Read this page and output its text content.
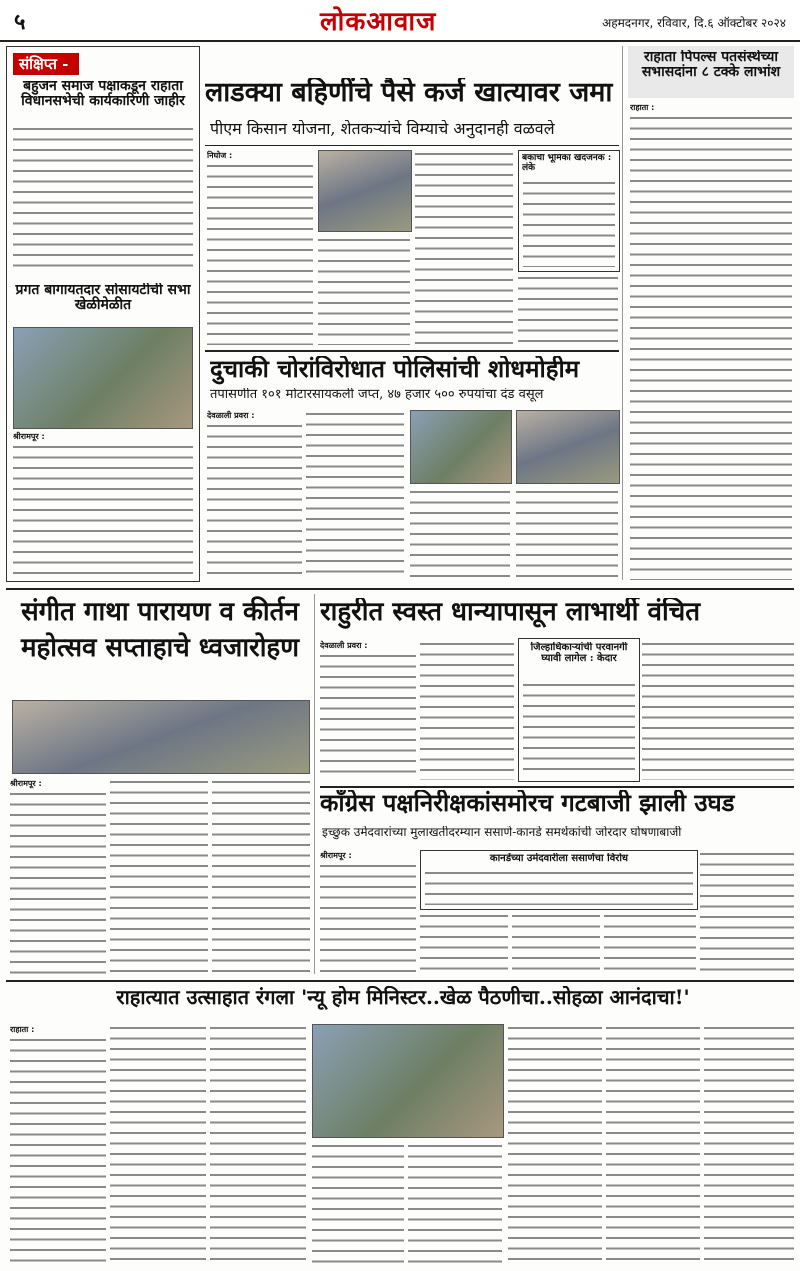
५	लोकआवाज	अहमदनगर, रविवार, दि.६ ऑक्टोबर २०२४
संक्षिप्त -
बहुजन समाज पक्षाकडून राहाता विधानसभेची कार्यकारिणी जाहीर
प्रगत बागायतदार सोसायटीची सभा खेळीमेळीत
श्रीरामपूर :
लाडक्या बहिणींचे पैसे कर्ज खात्यावर जमा
पीएम किसान योजना, शेतकऱ्यांचे विम्याचे अनुदानही वळवले
निघोज :	बँकांची भूमिका खेदजनक : लंके
राहाता पिपल्स पतसंस्थेच्या सभासदांना ८ टक्के लाभांश
राहाता :
दुचाकी चोरांविरोधात पोलिसांची शोधमोहीम
तपासणीत १०१ मोटारसायकली जप्त, ४७ हजार ५०० रुपयांचा दंड वसूल
देवळाली प्रवरा :
संगीत गाथा पारायण व कीर्तन महोत्सव सप्ताहाचे ध्वजारोहण
श्रीरामपूर :
राहुरीत स्वस्त धान्यापासून लाभार्थी वंचित
देवळाली प्रवरा :	जिल्हाधिकाऱ्यांची परवानगी घ्यावी लागेल : केदार
काँग्रेस पक्षनिरीक्षकांसमोरच गटबाजी झाली उघड
इच्छुक उमेदवारांच्या मुलाखतीदरम्यान ससाणे-कानडे समर्थकांची जोरदार घोषणाबाजी
श्रीरामपूर :	कानडेंच्या उमेदवारीला ससाणेंचा विरोध
राहात्यात उत्साहात रंगला 'न्यू होम मिनिस्टर..खेळ पैठणीचा..सोहळा आनंदाचा!'
राहाता :
